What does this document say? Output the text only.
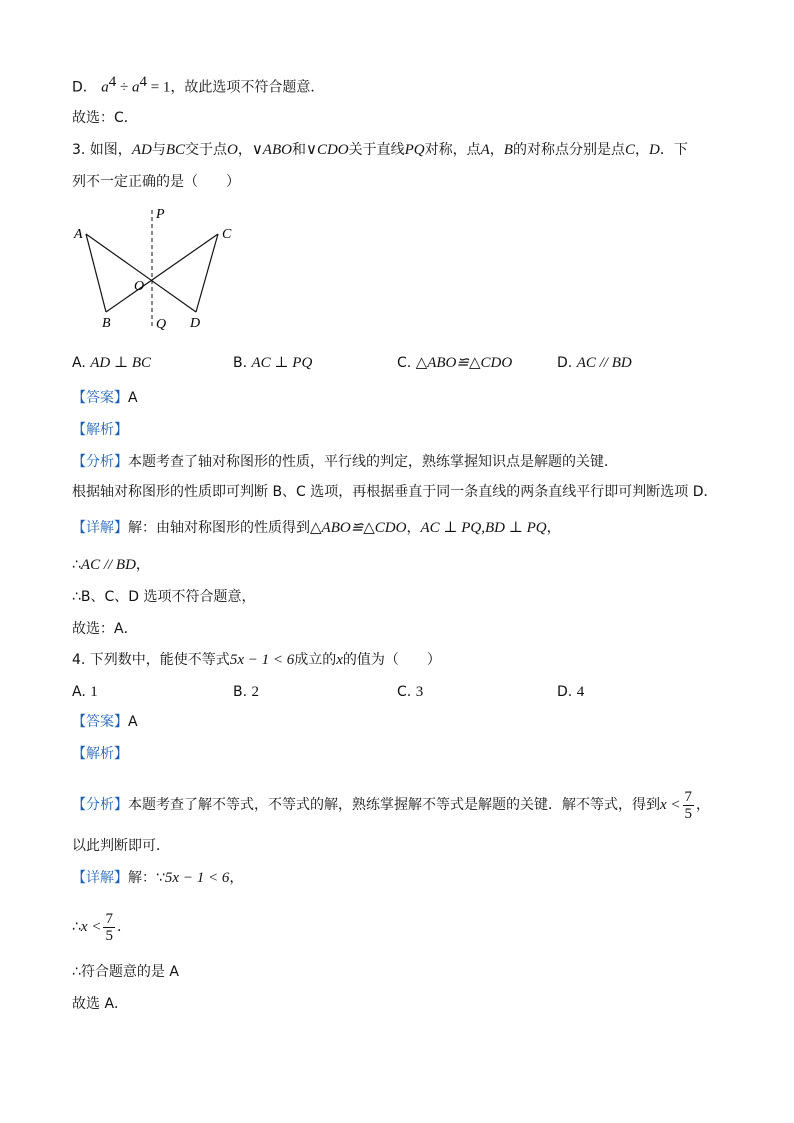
D． $a^4 \div a^4 = 1$，故此选项不符合题意．
故选：C．
3. 如图，AD与BC交于点O，∨ABO和∨CDO关于直线PQ对称，点A，B的对称点分别是点C，D．下
列不一定正确的是（　　）
A
B
C
D
O
P
Q
A. AD ⊥ BC	B. AC ⊥ PQ	C. △ABO≌△CDO	D. AC // BD
【答案】A
【解析】
【分析】本题考查了轴对称图形的性质，平行线的判定，熟练掌握知识点是解题的关键．
根据轴对称图形的性质即可判断 B、C 选项，再根据垂直于同一条直线的两条直线平行即可判断选项 D．
【详解】解：由轴对称图形的性质得到△ABO≌△CDO，AC ⊥ PQ,BD ⊥ PQ，
∴AC // BD，
∴B、C、D 选项不符合题意，
故选：A．
4. 下列数中，能使不等式5x − 1 < 6成立的x的值为（　　）
A. 1	B. 2	C. 3	D. 4
【答案】A
【解析】
【分析】本题考查了解不等式，不等式的解，熟练掌握解不等式是解题的关键．解不等式，得到$x < \frac{7}{5}$ ，
以此判断即可．
【详解】解：∵5x − 1 < 6，
∴x < $\frac{7}{5}$ ．
∴符合题意的是 A
故选 A．
